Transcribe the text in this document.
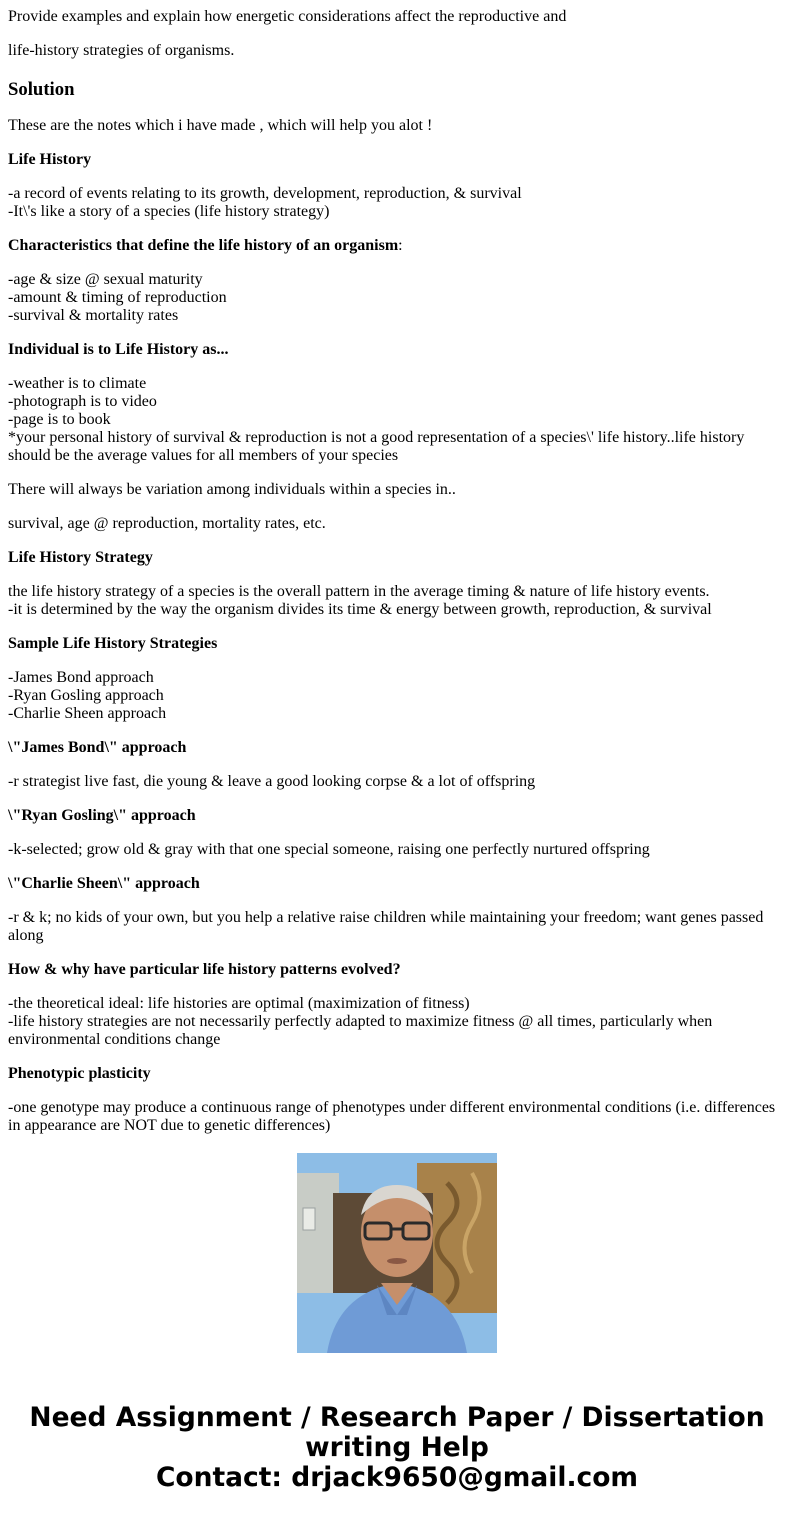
Provide examples and explain how energetic considerations affect the reproductive and

life-history strategies of organisms.

Solution

These are the notes which i have made , which will help you alot !

Life History

-a record of events relating to its growth, development, reproduction, & survival
-It\'s like a story of a species (life history strategy)

Characteristics that define the life history of an organism:

-age & size @ sexual maturity
-amount & timing of reproduction
-survival & mortality rates

Individual is to Life History as...

-weather is to climate
-photograph is to video
-page is to book
*your personal history of survival & reproduction is not a good representation of a species\' life history..life history should be the average values for all members of your species

There will always be variation among individuals within a species in..

survival, age @ reproduction, mortality rates, etc.

Life History Strategy

the life history strategy of a species is the overall pattern in the average timing & nature of life history events.
-it is determined by the way the organism divides its time & energy between growth, reproduction, & survival

Sample Life History Strategies

-James Bond approach
-Ryan Gosling approach
-Charlie Sheen approach

\"James Bond\" approach

-r strategist live fast, die young & leave a good looking corpse & a lot of offspring

\"Ryan Gosling\" approach

-k-selected; grow old & gray with that one special someone, raising one perfectly nurtured offspring

\"Charlie Sheen\" approach

-r & k; no kids of your own, but you help a relative raise children while maintaining your freedom; want genes passed along

How & why have particular life history patterns evolved?

-the theoretical ideal: life histories are optimal (maximization of fitness)
-life history strategies are not necessarily perfectly adapted to maximize fitness @ all times, particularly when environmental conditions change

Phenotypic plasticity

-one genotype may produce a continuous range of phenotypes under different environmental conditions (i.e. differences in appearance are NOT due to genetic differences)

Need Assignment / Research Paper / Dissertation
writing Help
Contact: drjack9650@gmail.com
